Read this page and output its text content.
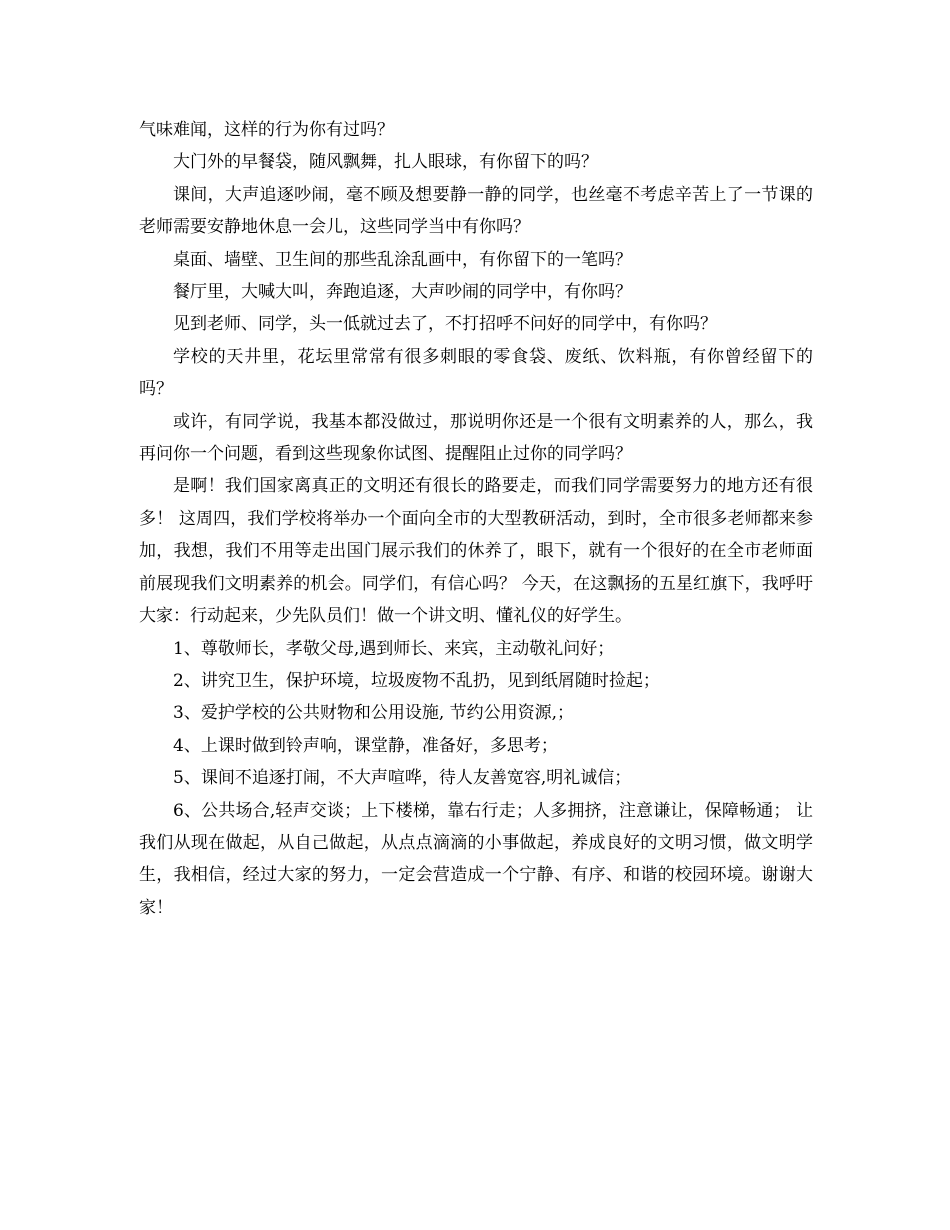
气味难闻，这样的行为你有过吗？

大门外的早餐袋，随风飘舞，扎人眼球，有你留下的吗？

课间，大声追逐吵闹，毫不顾及想要静一静的同学，也丝毫不考虑辛苦上了一节课的老师需要安静地休息一会儿，这些同学当中有你吗？

桌面、墙壁、卫生间的那些乱涂乱画中，有你留下的一笔吗？

餐厅里，大喊大叫，奔跑追逐，大声吵闹的同学中，有你吗？

见到老师、同学，头一低就过去了，不打招呼不问好的同学中，有你吗？

学校的天井里，花坛里常常有很多刺眼的零食袋、废纸、饮料瓶，有你曾经留下的吗？

或许，有同学说，我基本都没做过，那说明你还是一个很有文明素养的人，那么，我再问你一个问题，看到这些现象你试图、提醒阻止过你的同学吗？

是啊！我们国家离真正的文明还有很长的路要走，而我们同学需要努力的地方还有很多！ 这周四，我们学校将举办一个面向全市的大型教研活动，到时，全市很多老师都来参加，我想，我们不用等走出国门展示我们的休养了，眼下，就有一个很好的在全市老师面前展现我们文明素养的机会。同学们，有信心吗？ 今天，在这飘扬的五星红旗下，我呼吁大家：行动起来，少先队员们！做一个讲文明、懂礼仪的好学生。

1、尊敬师长，孝敬父母,遇到师长、来宾，主动敬礼问好；

2、讲究卫生，保护环境，垃圾废物不乱扔，见到纸屑随时捡起；

3、爱护学校的公共财物和公用设施, 节约公用资源,；

4、上课时做到铃声响，课堂静，准备好，多思考；

5、课间不追逐打闹，不大声喧哗，待人友善宽容,明礼诚信；

6、公共场合,轻声交谈；上下楼梯，靠右行走；人多拥挤，注意谦让，保障畅通； 让我们从现在做起，从自己做起，从点点滴滴的小事做起，养成良好的文明习惯，做文明学生，我相信，经过大家的努力，一定会营造成一个宁静、有序、和谐的校园环境。谢谢大家！
